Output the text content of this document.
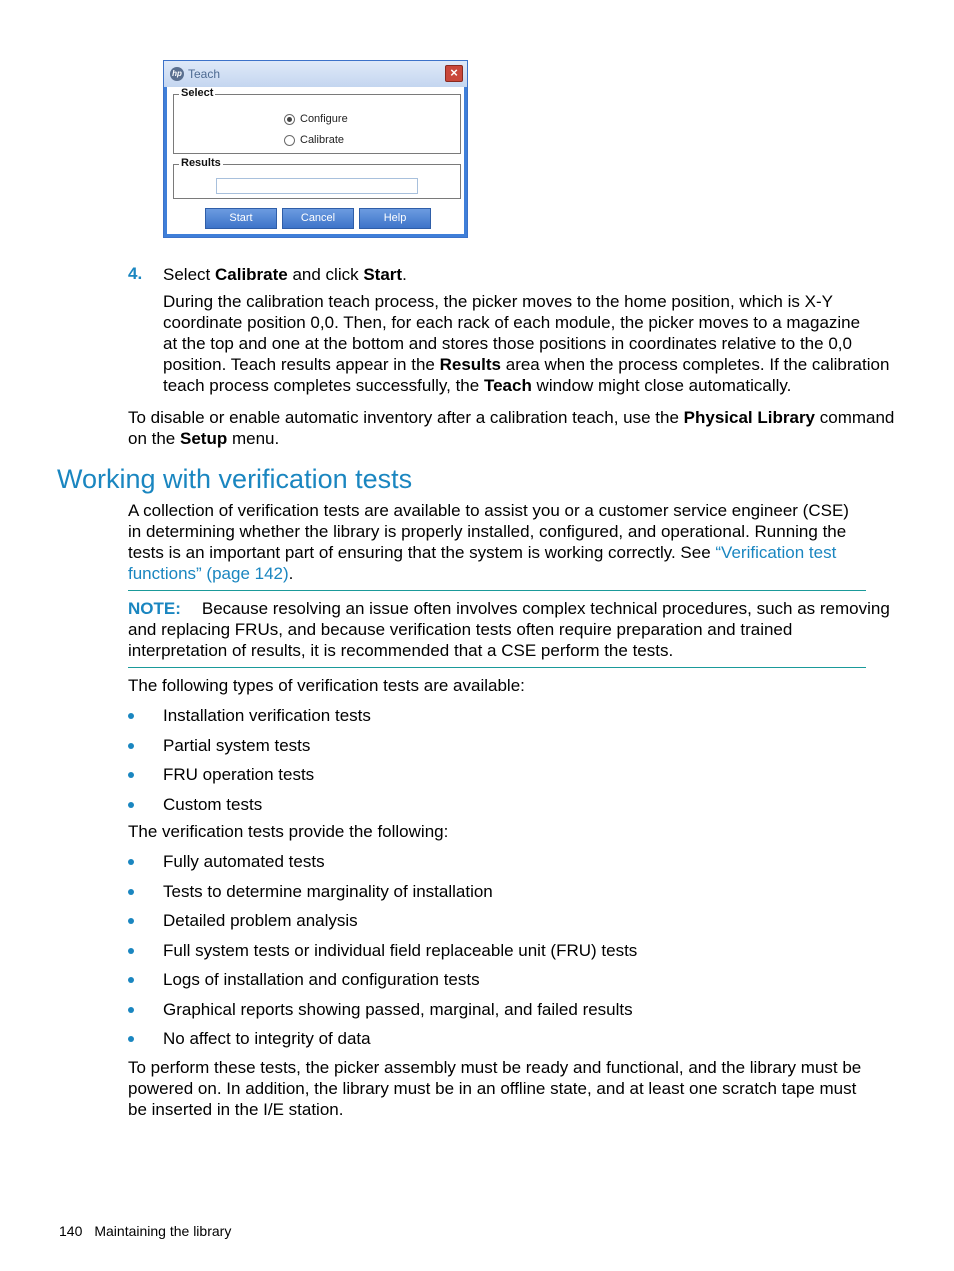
hp Teach	×
Select
Configure
Calibrate
Results
Start	Cancel	Help
4. Select Calibrate and click Start.
During the calibration teach process, the picker moves to the home position, which is X-Y
coordinate position 0,0. Then, for each rack of each module, the picker moves to a magazine
at the top and one at the bottom and stores those positions in coordinates relative to the 0,0
position. Teach results appear in the Results area when the process completes. If the calibration
teach process completes successfully, the Teach window might close automatically.
To disable or enable automatic inventory after a calibration teach, use the Physical Library command
on the Setup menu.
Working with verification tests
A collection of verification tests are available to assist you or a customer service engineer (CSE)
in determining whether the library is properly installed, configured, and operational. Running the
tests is an important part of ensuring that the system is working correctly. See “Verification test
functions” (page 142).
NOTE: Because resolving an issue often involves complex technical procedures, such as removing
and replacing FRUs, and because verification tests often require preparation and trained
interpretation of results, it is recommended that a CSE perform the tests.
The following types of verification tests are available:
Installation verification tests
Partial system tests
FRU operation tests
Custom tests
The verification tests provide the following:
Fully automated tests
Tests to determine marginality of installation
Detailed problem analysis
Full system tests or individual field replaceable unit (FRU) tests
Logs of installation and configuration tests
Graphical reports showing passed, marginal, and failed results
No affect to integrity of data
To perform these tests, the picker assembly must be ready and functional, and the library must be
powered on. In addition, the library must be in an offline state, and at least one scratch tape must
be inserted in the I/E station.
140 Maintaining the library
